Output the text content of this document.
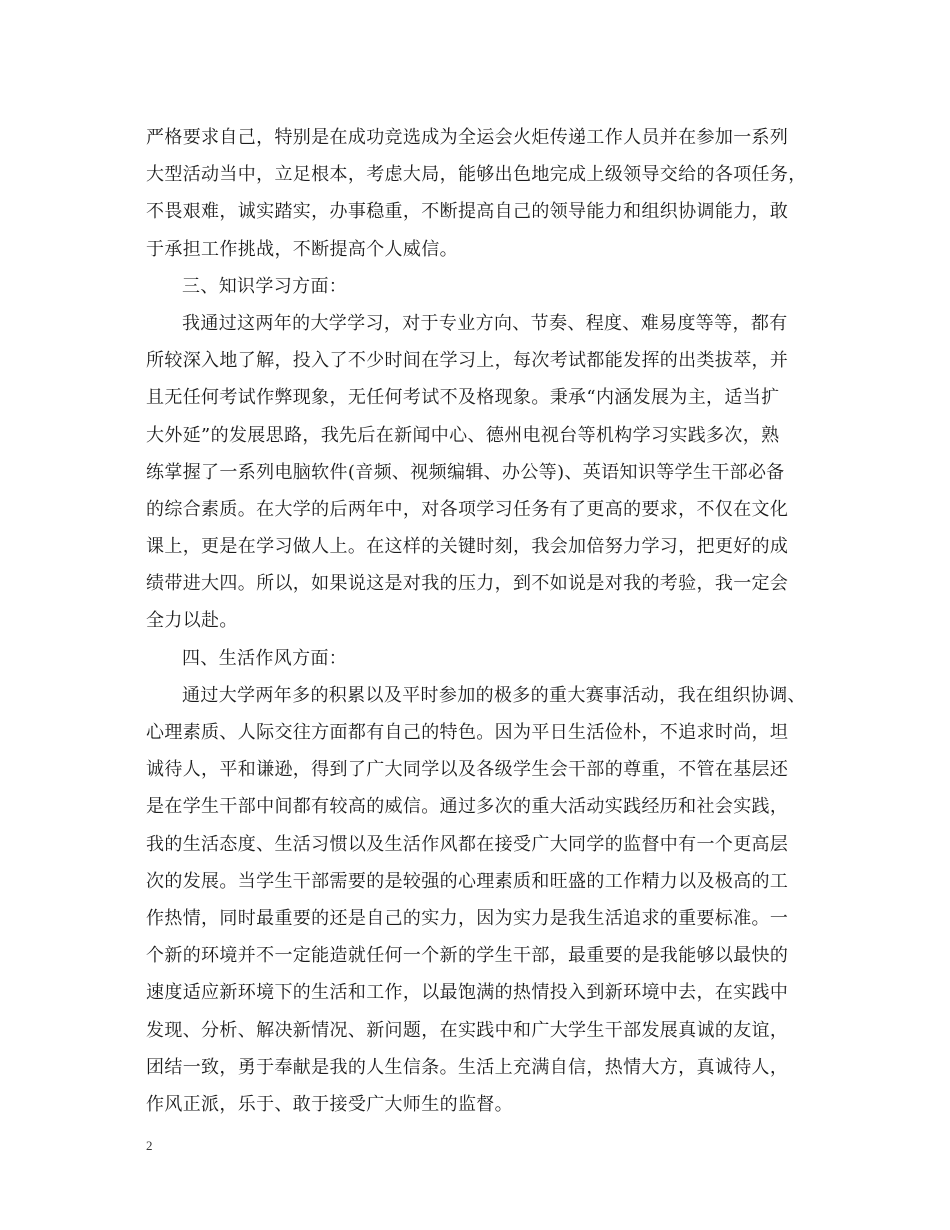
严格要求自己，特别是在成功竞选成为全运会火炬传递工作人员并在参加一系列
大型活动当中，立足根本，考虑大局，能够出色地完成上级领导交给的各项任务，
不畏艰难，诚实踏实，办事稳重，不断提高自己的领导能力和组织协调能力，敢
于承担工作挑战，不断提高个人威信。
三、知识学习方面：
我通过这两年的大学学习，对于专业方向、节奏、程度、难易度等等，都有
所较深入地了解，投入了不少时间在学习上，每次考试都能发挥的出类拔萃，并
且无任何考试作弊现象，无任何考试不及格现象。秉承“内涵发展为主，适当扩
大外延”的发展思路，我先后在新闻中心、德州电视台等机构学习实践多次，熟
练掌握了一系列电脑软件(音频、视频编辑、办公等)、英语知识等学生干部必备
的综合素质。在大学的后两年中，对各项学习任务有了更高的要求，不仅在文化
课上，更是在学习做人上。在这样的关键时刻，我会加倍努力学习，把更好的成
绩带进大四。所以，如果说这是对我的压力，到不如说是对我的考验，我一定会
全力以赴。
四、生活作风方面：
通过大学两年多的积累以及平时参加的极多的重大赛事活动，我在组织协调、
心理素质、人际交往方面都有自己的特色。因为平日生活俭朴，不追求时尚，坦
诚待人，平和谦逊，得到了广大同学以及各级学生会干部的尊重，不管在基层还
是在学生干部中间都有较高的威信。通过多次的重大活动实践经历和社会实践，
我的生活态度、生活习惯以及生活作风都在接受广大同学的监督中有一个更高层
次的发展。当学生干部需要的是较强的心理素质和旺盛的工作精力以及极高的工
作热情，同时最重要的还是自己的实力，因为实力是我生活追求的重要标准。一
个新的环境并不一定能造就任何一个新的学生干部，最重要的是我能够以最快的
速度适应新环境下的生活和工作，以最饱满的热情投入到新环境中去，在实践中
发现、分析、解决新情况、新问题，在实践中和广大学生干部发展真诚的友谊，
团结一致，勇于奉献是我的人生信条。生活上充满自信，热情大方，真诚待人，
作风正派，乐于、敢于接受广大师生的监督。
2
